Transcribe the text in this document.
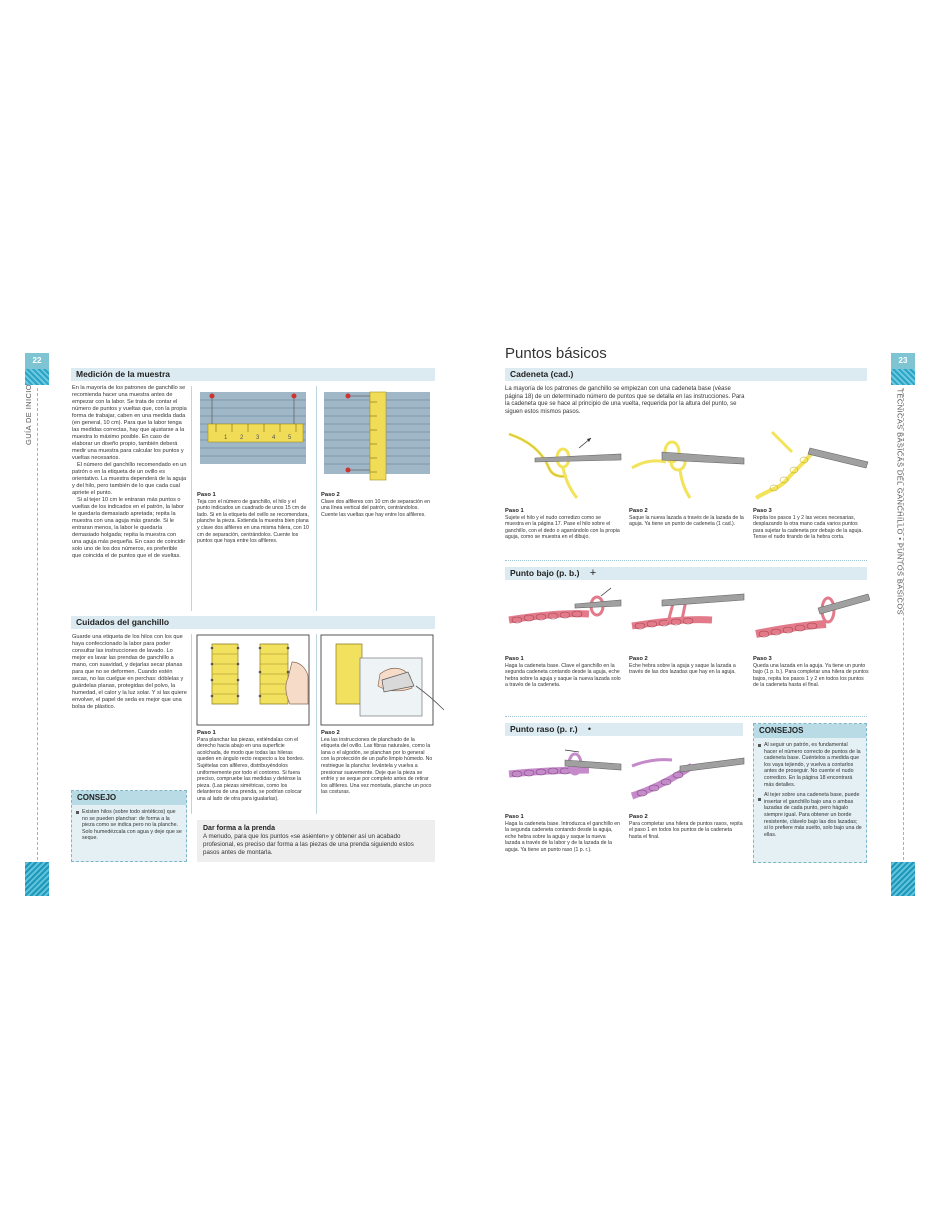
22
GUÍA DE INICIO
Medición de la muestra

En la mayoría de los patrones de ganchillo se recomienda hacer una muestra antes de empezar con la labor. Se trata de contar el número de puntos y vueltas que, con la propia forma de trabajar, caben en una medida dada (en general, 10 cm). Para que la labor tenga las medidas correctas, hay que ajustarse a la muestra lo máximo posible. En caso de elaborar un diseño propio, también deberá medir una muestra para calcular los puntos y vueltas necesarios.

El número del ganchillo recomendado en un patrón o en la etiqueta de un ovillo es orientativo. La muestra dependerá de la aguja y del hilo, pero también de lo que cada cual apriete el punto.

Si al tejer 10 cm le entraran más puntos o vueltas de los indicados en el patrón, la labor le quedaría demasiado apretada; repita la muestra con una aguja más grande. Si le entraran menos, la labor le quedaría demasiado holgada; repita la muestra con una aguja más pequeña. En caso de coincidir solo uno de los dos números, es preferible que coincida el de puntos que el de vueltas.

1 2 3 4 5
Paso 1
Teja con el número de ganchillo, el hilo y el punto indicados un cuadrado de unos 15 cm de lado. Si en la etiqueta del ovillo se recomendara, planche la pieza. Extienda la muestra bien plana y clave dos alfileres en una misma hilera, con 10 cm de separación, centrándolos. Cuente los puntos que haya entre los alfileres.
Paso 2
Clave dos alfileres con 10 cm de separación en una línea vertical del patrón, centrándolos. Cuente las vueltas que hay entre los alfileres.
Cuidados del ganchillo
Guarde una etiqueta de los hilos con los que haya confeccionado la labor para poder consultar las instrucciones de lavado. Lo mejor es lavar las prendas de ganchillo a mano, con suavidad, y dejarlas secar planas para que no se deformen. Cuando estén secas, no las cuelgue en perchas: dóblelas y guárdelas planas, protegidas del polvo, la humedad, el calor y la luz solar. Y si las quiere envolver, el papel de seda es mejor que una bolsa de plástico.
Paso 1
Para planchar las piezas, extiéndalas con el derecho hacia abajo en una superficie acolchada, de modo que todas las hileras queden en ángulo recto respecto a los bordes. Sujételas con alfileres, distribuyéndolos uniformemente por todo el contorno. Si fuera preciso, compruebe las medidas y deténse la pieza. (Las piezas simétricas, como los delanteros de una prenda, se podrían colocar una al lado de otra para igualarlas).
Paso 2
Lea las instrucciones de planchado de la etiqueta del ovillo. Las fibras naturales, como la lana o el algodón, se planchan por lo general con la protección de un paño limpio húmedo. No restriegue la plancha: levántela y vuelva a presionar suavemente. Deje que la pieza se enfríe y se seque por completo antes de retirar los alfileres. Una vez montada, planche un poco las costuras.
CONSEJO
Existen hilos (sobre todo sintéticos) que no se pueden planchar: de forma a la pieza como se indica pero no la planche. Solo humedézcala con agua y deje que se seque.
Dar forma a la prenda
A menudo, para que los puntos «se asienten» y obtener así un acabado profesional, es preciso dar forma a las piezas de una prenda siguiendo estos pasos antes de montarla.
23
TÉCNICAS BÁSICAS DEL GANCHILLO • PUNTOS BÁSICOS
Puntos básicos
Cadeneta (cad.)
La mayoría de los patrones de ganchillo se empiezan con una cadeneta base (véase página 18) de un determinado número de puntos que se detalla en las instrucciones. Para la cadeneta que se hace al principio de una vuelta, requerida por la altura del punto, se siguen estos mismos pasos.
Paso 1
Sujete el hilo y el nudo corredizo como se muestra en la página 17. Pase el hilo sobre el ganchillo, con el dedo o agarrándolo con la propia aguja, como se muestra en el dibujo.
Paso 2
Saque la nueva lazada a través de la lazada de la aguja. Ya tiene un punto de cadeneta (1 cad.).
Paso 3
Repita los pasos 1 y 2 las veces necesarias, desplazando la otra mano cada varios puntos para sujetar la cadeneta por debajo de la aguja. Tense el nudo tirando de la hebra corta.
Punto bajo (p. b.) +
Paso 1
Haga la cadeneta base. Clave el ganchillo en la segunda cadeneta contando desde la aguja, eche hebra sobre la aguja y saque la nueva lazada solo a través de la cadeneta.
Paso 2
Eche hebra sobre la aguja y saque la lazada a través de las dos lazadas que hay en la aguja.
Paso 3
Queda una lazada en la aguja. Ya tiene un punto bajo (1 p. b.). Para completar una hilera de puntos bajos, repita los pasos 1 y 2 en todos los puntos de la cadeneta hasta el final.
Punto raso (p. r.) •
Paso 1
Haga la cadeneta base. Introduzca el ganchillo en la segunda cadeneta contando desde la aguja, eche hebra sobre la aguja y saque la nueva lazada a través de la labor y de la lazada de la aguja. Ya tiene un punto raso (1 p. r.).
Paso 2
Para completar una hilera de puntos rasos, repita el paso 1 en todos los puntos de la cadeneta hasta el final.
CONSEJOS
Al seguir un patrón, es fundamental hacer el número correcto de puntos de la cadeneta base. Cuéntelos a medida que los vaya tejiendo, y vuelva a contarlos antes de proseguir. No cuente el nudo corredizo. En la página 18 encontrará más detalles.
Al tejer sobre una cadeneta base, puede insertar el ganchillo bajo una o ambas lazadas de cada punto, pero hágalo siempre igual. Para obtener un borde resistente, clávelo bajo las dos lazadas; si lo prefiere más suelto, solo bajo una de ellas.
